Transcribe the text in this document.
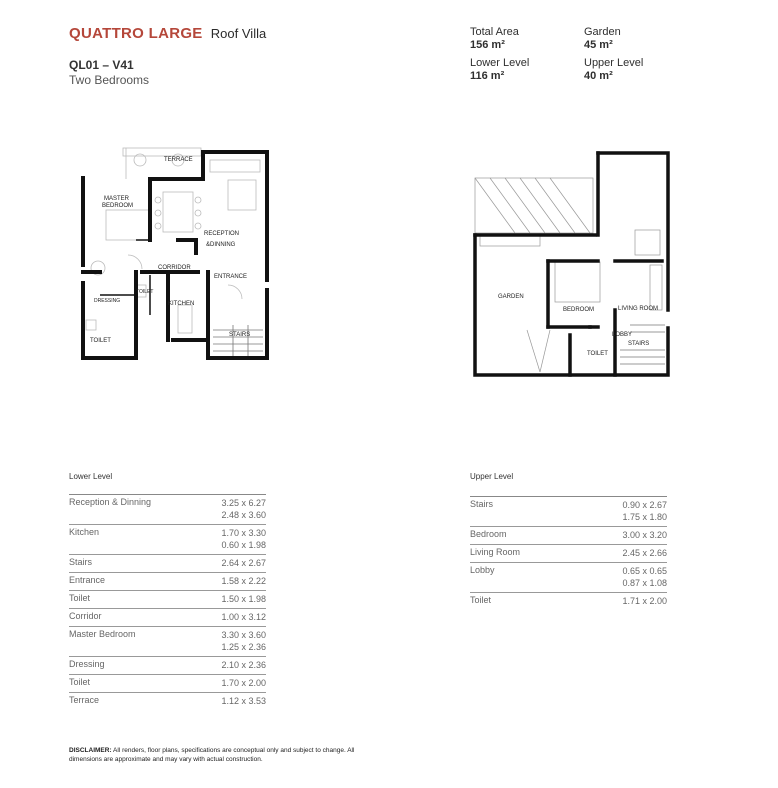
QUATTRO LARGE Roof Villa
QL01 – V41
Two Bedrooms
Total Area
156 m²
Garden
45 m²
Lower Level
116 m²
Upper Level
40 m²
TERRACE
MASTER
BEDROOM
RECEPTION
&DINNING
CORRIDOR
ENTRANCE
TOILET
KITCHEN
DRESSING
STAIRS
TOILET
GARDEN
BEDROOM	LIVING ROOM
LOBBY
STAIRS
TOILET
Lower Level
Reception & Dinning	3.25 x 6.27
2.48 x 3.60
Kitchen	1.70 x 3.30
0.60 x 1.98
Stairs	2.64 x 2.67
Entrance	1.58 x 2.22
Toilet	1.50 x 1.98
Corridor	1.00 x 3.12
Master Bedroom	3.30 x 3.60
1.25 x 2.36
Dressing	2.10 x 2.36
Toilet	1.70 x 2.00
Terrace	1.12 x 3.53
Upper Level
Stairs	0.90 x 2.67
1.75 x 1.80
Bedroom	3.00 x 3.20
Living Room	2.45 x 2.66
Lobby	0.65 x 0.65
0.87 x 1.08
Toilet	1.71 x 2.00
DISCLAIMER: All renders, floor plans, specifications are conceptual only and subject to change. All dimensions are approximate and may vary with actual construction.
